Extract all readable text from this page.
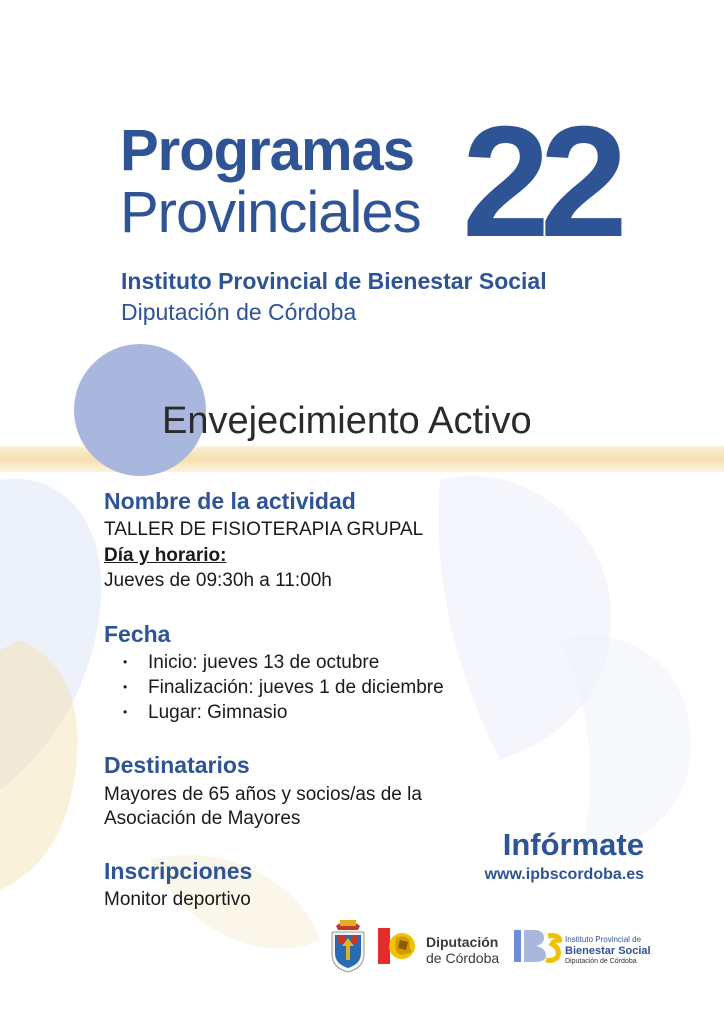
Programas
Provinciales 22
Instituto Provincial de Bienestar Social
Diputación de Córdoba
Envejecimiento Activo
Nombre de la actividad
TALLER DE FISIOTERAPIA GRUPAL
Día y horario:
Jueves de 09:30h a 11:00h
Fecha
• Inicio: jueves 13 de octubre
• Finalización: jueves 1 de diciembre
• Lugar: Gimnasio
Destinatarios
Mayores de 65 años y socios/as de la
Asociación de Mayores
Inscripciones
Monitor deportivo
Infórmate
www.ipbscordoba.es
Diputación
de Córdoba
Instituto Provincial de
Bienestar Social
Diputación de Córdoba
